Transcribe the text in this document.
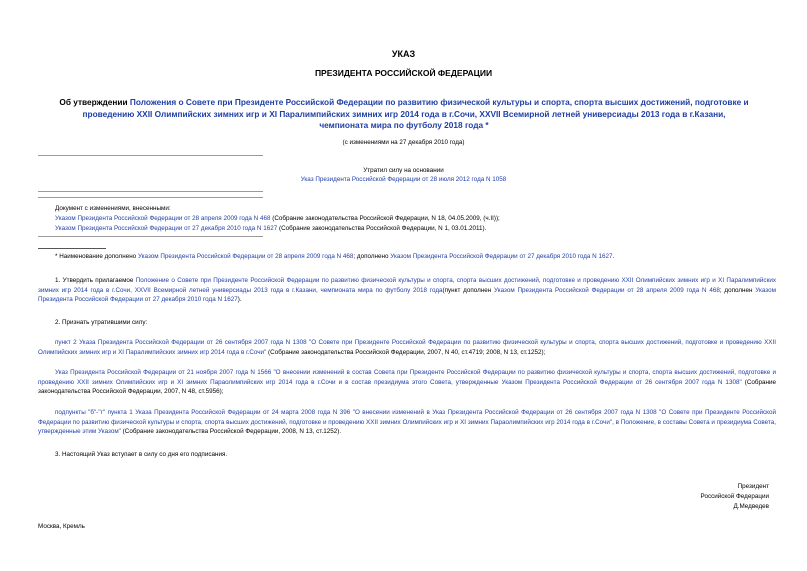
УКАЗ
ПРЕЗИДЕНТА РОССИЙСКОЙ ФЕДЕРАЦИИ
Об утверждении Положения о Совете при Президенте Российской Федерации по развитию физической культуры и спорта, спорта высших достижений, подготовке и проведению XXII Олимпийских зимних игр и XI Паралимпийских зимних игр 2014 года в г.Сочи, XXVII Всемирной летней универсиады 2013 года в г.Казани, чемпионата мира по футболу 2018 года *
(с изменениями на 27 декабря 2010 года)
Утратил силу на основании
Указ Президента Российской Федерации от 28 июля 2012 года N 1058
Документ с изменениями, внесенными:
Указом Президента Российской Федерации от 28 апреля 2009 года N 468 (Собрание законодательства Российской Федерации, N 18, 04.05.2009, (ч.II));
Указом Президента Российской Федерации от 27 декабря 2010 года N 1627 (Собрание законодательства Российской Федерации, N 1, 03.01.2011).
* Наименование дополнено Указом Президента Российской Федерации от 28 апреля 2009 года N 468; дополнено Указом Президента Российской Федерации от 27 декабря 2010 года N 1627.
1. Утвердить прилагаемое Положение о Совете при Президенте Российской Федерации по развитию физической культуры и спорта, спорта высших достижений, подготовке и проведению XXII Олимпийских зимних игр и XI Паралимпийских зимних игр 2014 года в г.Сочи, XXVII Всемирной летней универсиады 2013 года в г.Казани, чемпионата мира по футболу 2018 года(пункт дополнен Указом Президента Российской Федерации от 28 апреля 2009 года N 468; дополнен Указом Президента Российской Федерации от 27 декабря 2010 года N 1627).
2. Признать утратившими силу:
пункт 2 Указа Президента Российской Федерации от 26 сентября 2007 года N 1308 "О Совете при Президенте Российской Федерации по развитию физической культуры и спорта, спорта высших достижений, подготовке и проведению XXII Олимпийских зимних игр и XI Паралимпийских зимних игр 2014 года в г.Сочи" (Собрание законодательства Российской Федерации, 2007, N 40, ст.4719; 2008, N 13, ст.1252);
Указ Президента Российской Федерации от 21 ноября 2007 года N 1566 "О внесении изменений в состав Совета при Президенте Российской Федерации по развитию физической культуры и спорта, спорта высших достижений, подготовке и проведению XXII зимних Олимпийских игр и XI зимних Параолимпийских игр 2014 года в г.Сочи и в состав президиума этого Совета, утвержденные Указом Президента Российской Федерации от 26 сентября 2007 года N 1308" (Собрание законодательства Российской Федерации, 2007, N 48, ст.5956);
подпункты "б"-"г" пункта 1 Указа Президента Российской Федерации от 24 марта 2008 года N 396 "О внесении изменений в Указ Президента Российской Федерации от 26 сентября 2007 года N 1308 "О Совете при Президенте Российской Федерации по развитию физической культуры и спорта, спорта высших достижений, подготовке и проведению XXII зимних Олимпийских игр и XI зимних Параолимпийских игр 2014 года в г.Сочи", в Положение, в составы Совета и президиума Совета, утвержденные этим Указом" (Собрание законодательства Российской Федерации, 2008, N 13, ст.1252).
3. Настоящий Указ вступает в силу со дня его подписания.
Президент
Российской Федерации
Д.Медведев
Москва, Кремль
